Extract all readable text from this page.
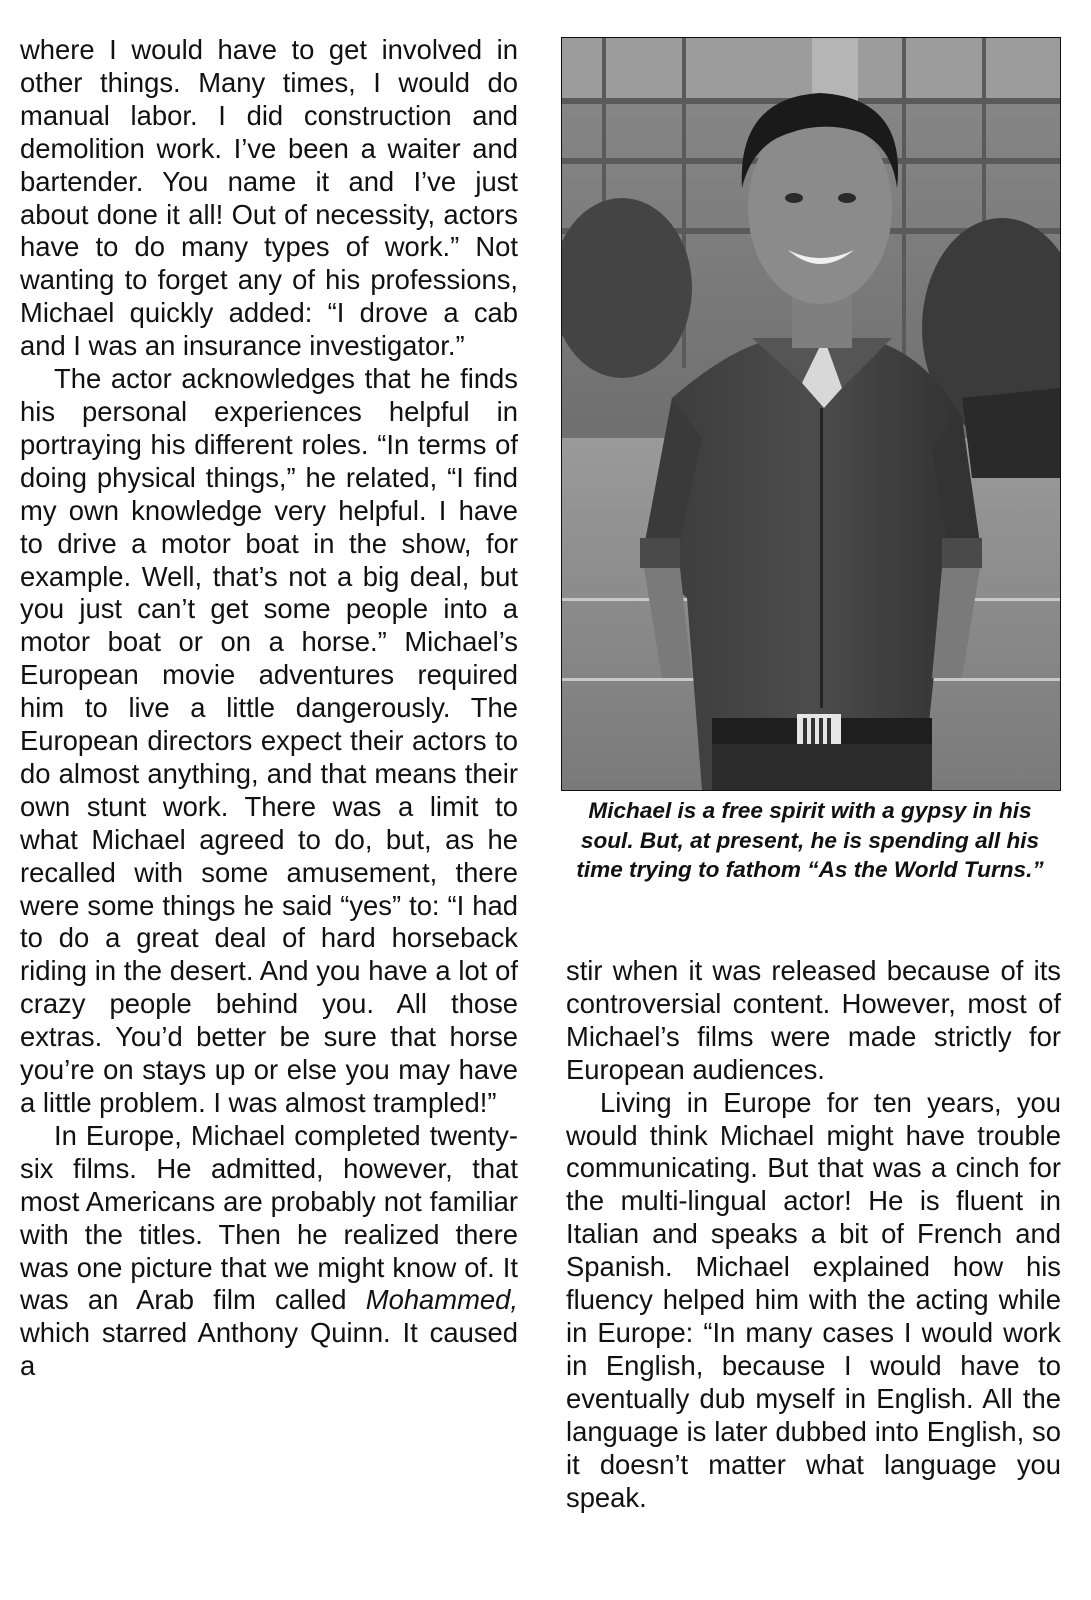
where I would have to get involved in other things. Many times, I would do manual labor. I did construction and demolition work. I’ve been a waiter and bartender. You name it and I’ve just about done it all! Out of necessity, actors have to do many types of work.” Not wanting to forget any of his professions, Michael quickly added: “I drove a cab and I was an insurance investigator.”

The actor acknowledges that he finds his personal experiences helpful in portraying his different roles. “In terms of doing physical things,” he related, “I find my own knowledge very helpful. I have to drive a motor boat in the show, for example. Well, that’s not a big deal, but you just can’t get some people into a motor boat or on a horse.” Michael’s European movie adventures required him to live a little dangerously. The European directors expect their actors to do almost anything, and that means their own stunt work. There was a limit to what Michael agreed to do, but, as he recalled with some amusement, there were some things he said “yes” to: “I had to do a great deal of hard horseback riding in the desert. And you have a lot of crazy people behind you. All those extras. You’d better be sure that horse you’re on stays up or else you may have a little problem. I was almost trampled!”

In Europe, Michael completed twenty-six films. He admitted, however, that most Americans are probably not familiar with the titles. Then he realized there was one picture that we might know of. It was an Arab film called Mohammed, which starred Anthony Quinn. It caused a

Michael is a free spirit with a gypsy in his soul. But, at present, he is spending all his time trying to fathom “As the World Turns.”

stir when it was released because of its controversial content. However, most of Michael’s films were made strictly for European audiences.

Living in Europe for ten years, you would think Michael might have trouble communicating. But that was a cinch for the multi-lingual actor! He is fluent in Italian and speaks a bit of French and Spanish. Michael explained how his fluency helped him with the acting while in Europe: “In many cases I would work in English, because I would have to eventually dub myself in English. All the language is later dubbed into English, so it doesn’t matter what language you speak.
